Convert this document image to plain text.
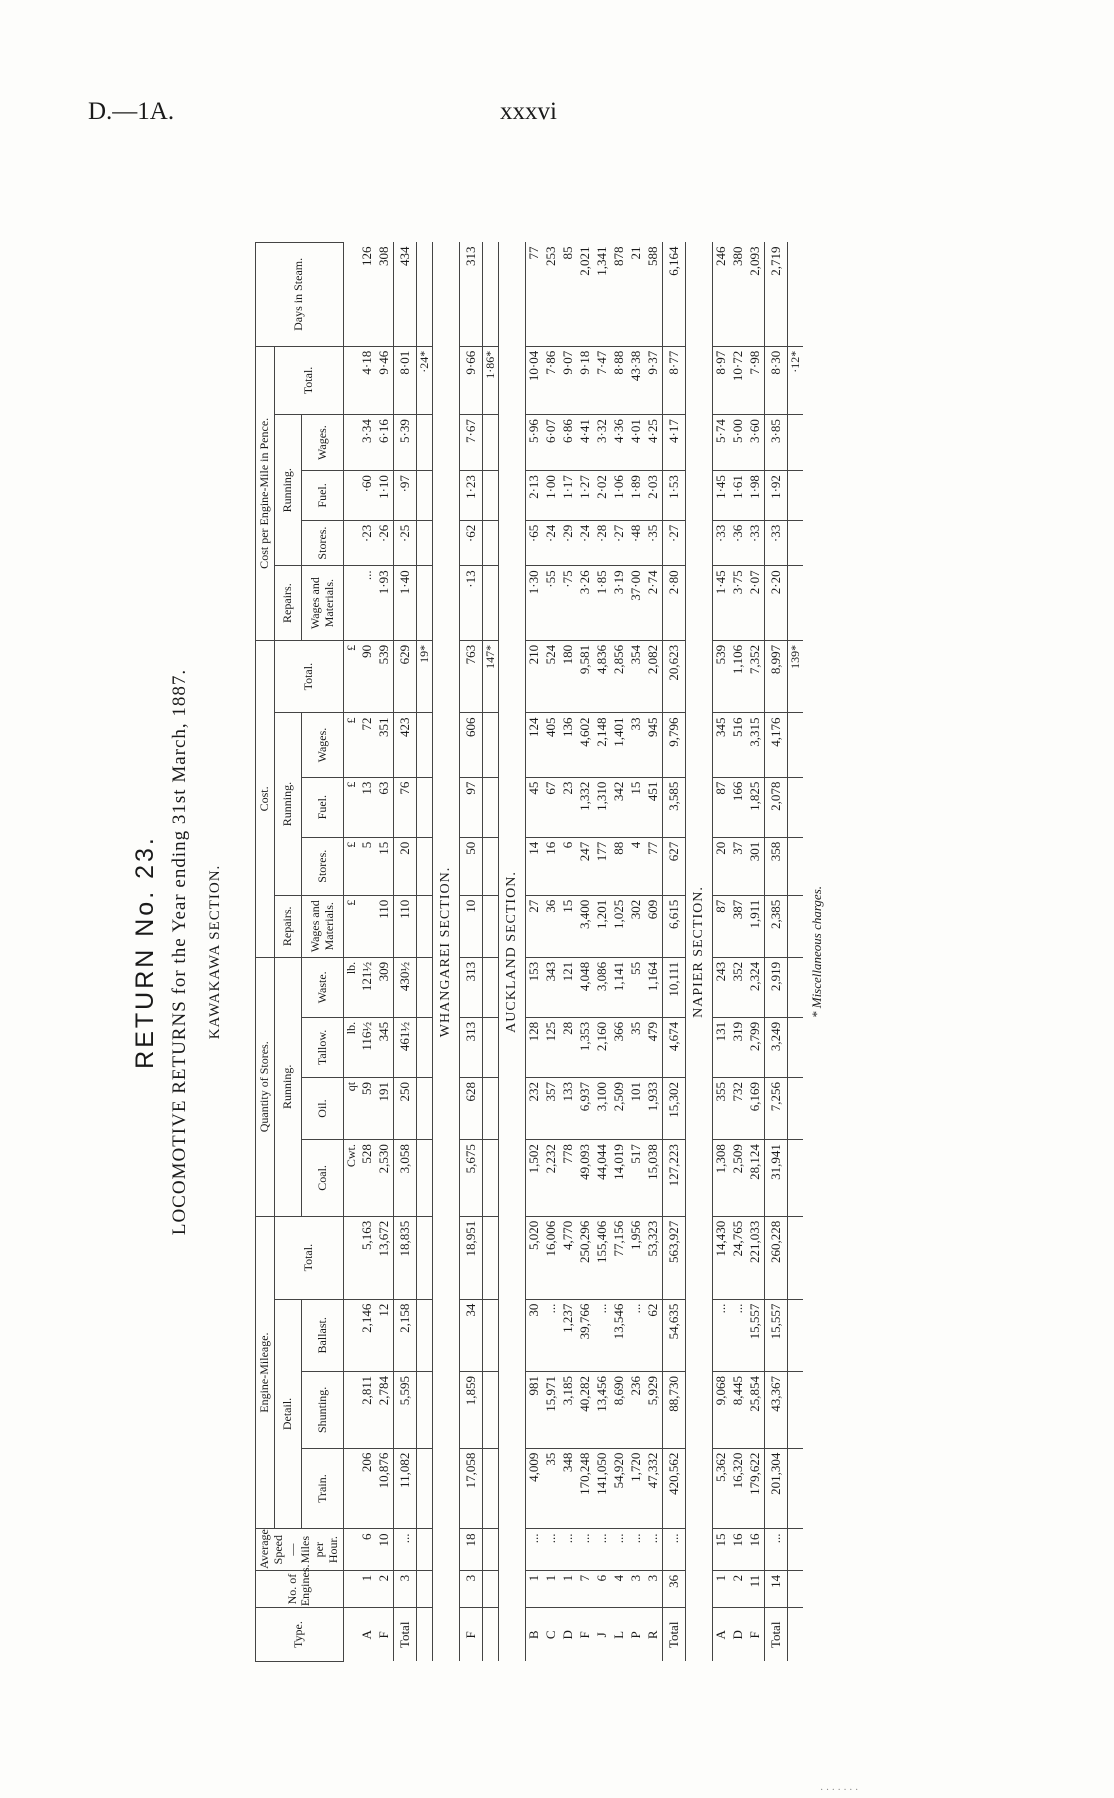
D.—1A.	xxxvi
RETURN No. 23. LOCOMOTIVE RETURNS for the Year ending 31st March, 1887. KAWAKAWA SECTION.
Type.	No. of Engines.	Average Speed — Miles per Hour.	Engine-Mileage.				Quantity of Stores.				Cost.					Cost per Engine-Mile in Pence.					Days in Steam.
			Detail.			Total.	Running.				Repairs.	Running.			Total.	Repairs.	Running.			Total.	
			Train.	Shunting.	Ballast.		Coal.	Oil.	Tallow.	Waste.	Wages and Materials.	Stores.	Fuel.	Wages.		Wages and Materials.	Stores.	Fuel.	Wages.		

							Cwt.	qt	lb.	lb.	£	£	£	£	£						
A	1	6	206	2,811	2,146	5,163	528	59	116½	121½		5	13	72	90	...	·23	·60	3·34	4·18	126
F	2	10	10,876	2,784	12	13,672	2,530	191	345	309	110	15	63	351	539	1·93	·26	1·10	6·16	9·46	308
Total	3	...	11,082	5,595	2,158	18,835	3,058	250	461½	430½	110	20	76	423	629	1·40	·25	·97	5·39	8·01	434
															19*					·24*	
WHANGAREI SECTION.																					
F	3	18	17,058	1,859	34	18,951	5,675	628	313	313	10	50	97	606	763	·13	·62	1·23	7·67	9·66	313
															147*					1·86*	
AUCKLAND SECTION.																					
B	1	...	4,009	981	30	5,020	1,502	232	128	153	27	14	45	124	210	1·30	·65	2·13	5·96	10·04	77
C	1	...	35	15,971	...	16,006	2,232	357	125	343	36	16	67	405	524	·55	·24	1·00	6·07	7·86	253
D	1	...	348	3,185	1,237	4,770	778	133	28	121	15	6	23	136	180	·75	·29	1·17	6·86	9·07	85
F	7	...	170,248	40,282	39,766	250,296	49,093	6,937	1,353	4,048	3,400	247	1,332	4,602	9,581	3·26	·24	1·27	4·41	9·18	2,021
J	6	...	141,050	13,456	...	155,406	44,044	3,100	2,160	3,086	1,201	177	1,310	2,148	4,836	1·85	·28	2·02	3·32	7·47	1,341
L	4	...	54,920	8,690	13,546	77,156	14,019	2,509	366	1,141	1,025	88	342	1,401	2,856	3·19	·27	1·06	4·36	8·88	878
P	3	...	1,720	236	...	1,956	517	101	35	55	302	4	15	33	354	37·00	·48	1·89	4·01	43·38	21
R	3	...	47,332	5,929	62	53,323	15,038	1,933	479	1,164	609	77	451	945	2,082	2·74	·35	2·03	4·25	9·37	588
Total	36	...	420,562	88,730	54,635	563,927	127,223	15,302	4,674	10,111	6,615	627	3,585	9,796	20,623	2·80	·27	1·53	4·17	8·77	6,164
NAPIER SECTION.																					
A	1	15	5,362	9,068	...	14,430	1,308	355	131	243	87	20	87	345	539	1·45	·33	1·45	5·74	8·97	246
D	2	16	16,320	8,445	...	24,765	2,509	732	319	352	387	37	166	516	1,106	3·75	·36	1·61	5·00	10·72	380
F	11	16	179,622	25,854	15,557	221,033	28,124	6,169	2,799	2,324	1,911	301	1,825	3,315	7,352	2·07	·33	1·98	3·60	7·98	2,093
Total	14	...	201,304	43,367	15,557	260,228	31,941	7,256	3,249	2,919	2,385	358	2,078	4,176	8,997	2·20	·33	1·92	3·85	8·30	2,719
															139*					·12*	
* Miscellaneous charges.
· · · · · · ·
